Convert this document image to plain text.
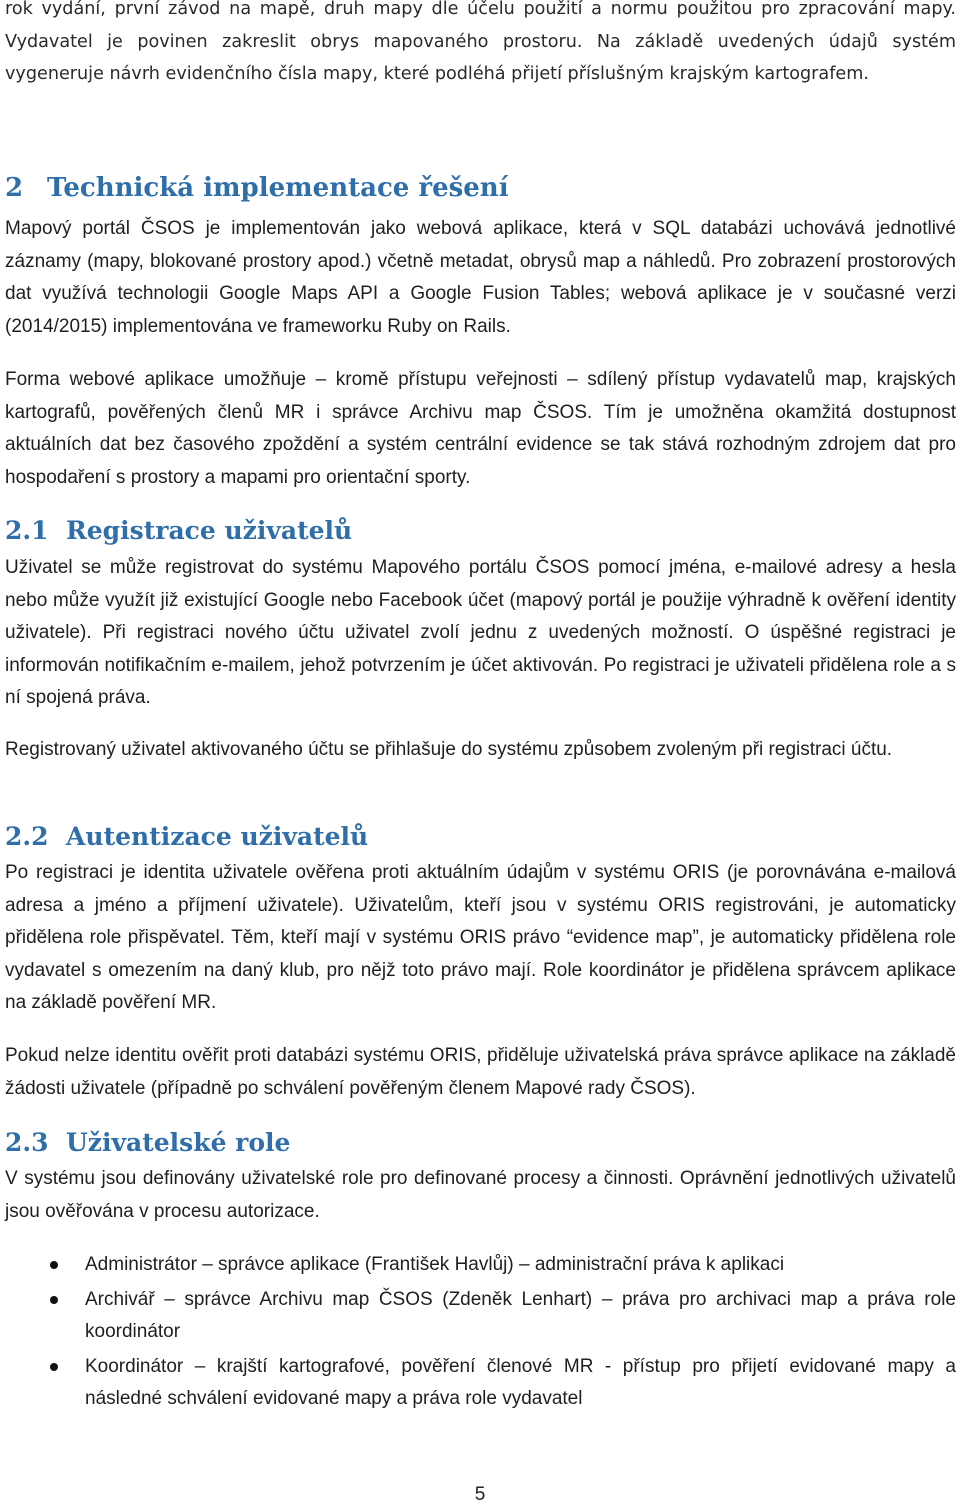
rok vydání, první závod na mapě, druh mapy dle účelu použití a normu použitou pro zpracování mapy. Vydavatel je povinen zakreslit obrys mapovaného prostoru. Na základě uvedených údajů systém vygeneruje návrh evidenčního čísla mapy, které podléhá přijetí příslušným krajským kartografem.

2 Technická implementace řešení

Mapový portál ČSOS je implementován jako webová aplikace, která v SQL databázi uchovává jednotlivé záznamy (mapy, blokované prostory apod.) včetně metadat, obrysů map a náhledů. Pro zobrazení prostorových dat využívá technologii Google Maps API a Google Fusion Tables; webová aplikace je v současné verzi (2014/2015) implementována ve frameworku Ruby on Rails.

Forma webové aplikace umožňuje – kromě přístupu veřejnosti – sdílený přístup vydavatelů map, krajských kartografů, pověřených členů MR i správce Archivu map ČSOS. Tím je umožněna okamžitá dostupnost aktuálních dat bez časového zpoždění a systém centrální evidence se tak stává rozhodným zdrojem dat pro hospodaření s prostory a mapami pro orientační sporty.

2.1 Registrace uživatelů

Uživatel se může registrovat do systému Mapového portálu ČSOS pomocí jména, e-mailové adresy a hesla nebo může využít již existující Google nebo Facebook účet (mapový portál je použije výhradně k ověření identity uživatele). Při registraci nového účtu uživatel zvolí jednu z uvedených možností. O úspěšné registraci je informován notifikačním e-mailem, jehož potvrzením je účet aktivován. Po registraci je uživateli přidělena role a s ní spojená práva.

Registrovaný uživatel aktivovaného účtu se přihlašuje do systému způsobem zvoleným při registraci účtu.

2.2 Autentizace uživatelů

Po registraci je identita uživatele ověřena proti aktuálním údajům v systému ORIS (je porovnávána e-mailová adresa a jméno a příjmení uživatele). Uživatelům, kteří jsou v systému ORIS registrováni, je automaticky přidělena role přispěvatel. Těm, kteří mají v systému ORIS právo “evidence map”, je automaticky přidělena role vydavatel s omezením na daný klub, pro nějž toto právo mají. Role koordinátor je přidělena správcem aplikace na základě pověření MR.

Pokud nelze identitu ověřit proti databázi systému ORIS, přiděluje uživatelská práva správce aplikace na základě žádosti uživatele (případně po schválení pověřeným členem Mapové rady ČSOS).

2.3 Uživatelské role

V systému jsou definovány uživatelské role pro definované procesy a činnosti. Oprávnění jednotlivých uživatelů jsou ověřována v procesu autorizace.

Administrátor – správce aplikace (František Havlůj) – administrační práva k aplikaci
Archivář – správce Archivu map ČSOS (Zdeněk Lenhart) – práva pro archivaci map a práva role koordinátor
Koordinátor – krajští kartografové, pověření členové MR - přístup pro přijetí evidované mapy a následné schválení evidované mapy a práva role vydavatel
5
